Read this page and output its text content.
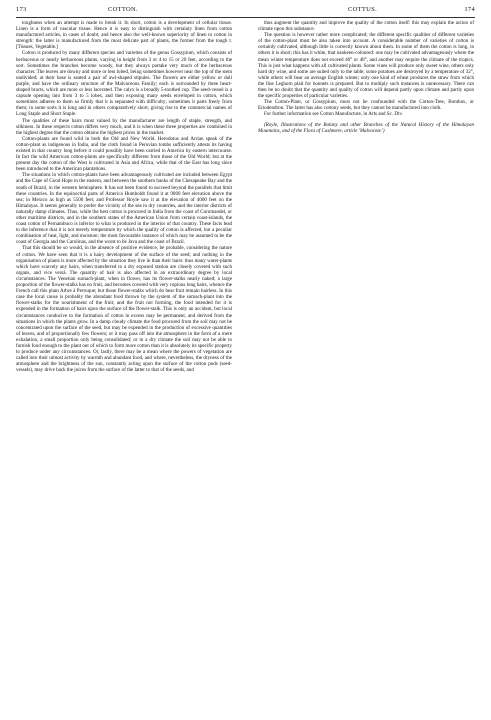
173	COTTON.	COTTUS.	174

toughness when an attempt is made to break it. In short, cotton is a development of cellular tissue. Linen is a form of vascular tissue. Hence it is easy to distinguish with certainty linen from cotton manufactured articles, in cases of doubt; and hence also the well-known superiority of linen to cotton in strength: the latter is manufactured from the most delicate part of plants, the former from the tough t. [Tissues, Vegetable.]

Cotton is produced by many different species and varieties of the genus Gossypium, which consists of herbaceous or nearly herbaceous plants, varying in height from 3 or 4 to 15 or 20 feet, according to the sort. Sometimes the branches become woody, but they always partake very much of the herbaceous character. The leaves are downy and more or less lobed, being sometimes however near the top of the stem undivided; at their base is seated a pair of awl-shaped stipules. The flowers are either yellow or dull purple, and have the ordinary structure of the Malvaceous Family; each is surrounded by three heart-shaped bracts, which are more or less lacerated. The calyx is a broadly 5-toothed cup. The seed-vessel is a capsule opening into from 3 to 5 lobes, and then exposing many seeds enveloped in cotton, which sometimes adheres to them so firmly that it is separated with difficulty; sometimes it parts freely from them; in some sorts it is long and in others comparatively short, giving rise to the commercial names of Long Staple and Short Staple.

The qualities of these hairs most valued by the manufacturer are length of staple, strength, and silkiness. In these respects cotton differs very much, and it is when these three properties are combined in the highest degree that the cotton obtains the highest prices in the market.

Cotton-plants are found wild in both the Old and New World. Herodotus and Arrian speak of the cotton-plant as indigenous in India, and the cloth found in Peruvian tombs sufficiently attests its having existed in that country long before it could possibly have been carried to America by eastern intercourse. In fact the wild American cotton-plants are specifically different from those of the Old World; but at the present day the cotton of the West is cultivated in Asia and Africa, while that of the East has long since been introduced to the American plantations.

The situations in which cotton-plants have been advantageously cultivated are included between Egypt and the Cape of Good Hope in the eastern, and between the southern banks of the Chesapeake Bay and the south of Brazil, in the western hemisphere. It has not been found to succeed beyond the parallels that limit these countries. In the equinoctial parts of America Humboldt found it at 9000 feet elevation above the sea; in Mexico as high as 5500 feet; and Professor Royle saw it at the elevation of 4000 feet on the Himalayas. It seems generally to prefer the vicinity of the sea in dry countries, and the interior districts of naturally damp climates. Thus, while the best cotton is procured in India from the coast of Coromandel, or other maritime districts, and in the southern states of the American Union from certain coast-islands, the coast cotton of Pernambuco is inferior to what is produced in the interior of that country. These facts lead to the inference that it is not merely temperature by which the quality of cotton is affected, but a peculiar combination of heat, light, and moisture; the most favourable instance of which may be assumed to be the coast of Georgia and the Carolinas, and the worst to be Java and the coast of Brazil.

That this should be so would, in the absence of positive evidence, be probable, considering the nature of cotton. We have seen that it is a hairy development of the surface of the seed; and nothing in the organisation of plants is more affected by the situation they live in than their hairs: thus many water-plants which have scarcely any hairs, when transferred to a dry exposed station are closely covered with such organs, and vice versâ. The quantity of hair is also affected in an extraordinary degree by local circumstances. The Venetian sumach-plant, when in flower, has its flower-stalks nearly naked; a large proportion of the flower-stalks has no fruit, and becomes covered with very copious long hairs, whence the French call this plant Arbre à Perruque; but those flower-stalks which do bear fruit remain hairless. In this case the local cause is probably the abundant food thrown by the system of the sumach-plant into the flower-stalks for the nourishment of the fruit; and the fruit not forming, the food intended for it is expended in the formation of hairs upon the surface of the flower-stalk. This is only an accident, but local circumstances conducive to the formation of cotton in excess may be permanent, and derived from the situations in which the plants grow. In a damp cloudy climate the food procured from the soil may not be concentrated upon the surface of the seed, but may be expended in the production of excessive quantities of leaves, and of proportionally few flowers; or it may pass off into the atmosphere in the form of a mere exhalation, a small proportion only being consolidated; or in a dry climate the soil may not be able to furnish food enough to the plant out of which to form more cotton than it is absolutely its specific property to produce under any circumstances. Or, lastly, there may be a mean where the powers of vegetation are called into their utmost activity by warmth and abundant food, and where, nevertheless, the dryness of the atmosphere and the brightness of the sun, constantly acting upon the surface of the cotton pods (seed-vessels), may drive back the juices from the surface of the latter to that of the seeds, and

thus augment the quantity and improve the quality of the cotton itself: this may explain the action of climate upon this substance.

The question is however rather more complicated; the different specific qualities of different varieties of the cotton-plant must be also taken into account. A considerable number of varieties of cotton is certainly cultivated, although little is correctly known about them. In some of them the cotton is long, in others it is short; this has it white, that nankeen-coloured: one may be cultivated advantageously where the mean winter temperature does not exceed 46° or 48°, and another may require the climate of the tropics. This is just what happens with all cultivated plants. Some vines will produce only sweet wine, others only hard dry wine, and some are suited only to the table; some potatoes are destroyed by a temperature of 32°, while others will bear an average English winter; only one kind of wheat produces the straw from which the fine Leghorn plait for bonnets is prepared. But to multiply such instances is unnecessary. There can then be no doubt that the quantity and quality of cotton will depend partly upon climate and partly upon the specific properties of particular varieties.

The Cotton-Plant, or Gossypium, must not be confounded with the Cotton-Tree, Bombax, or Eriodendron. The latter has also cottony seeds, but they cannot be manufactured into cloth.

For further information see Cotton Manufacture, in Arts and Sc. Div.

(Royle, Illustrations of the Botany and other Branches of the Natural History of the Himalayan Mountains, and of the Flora of Cashmere, article 'Malvaceæ.')
